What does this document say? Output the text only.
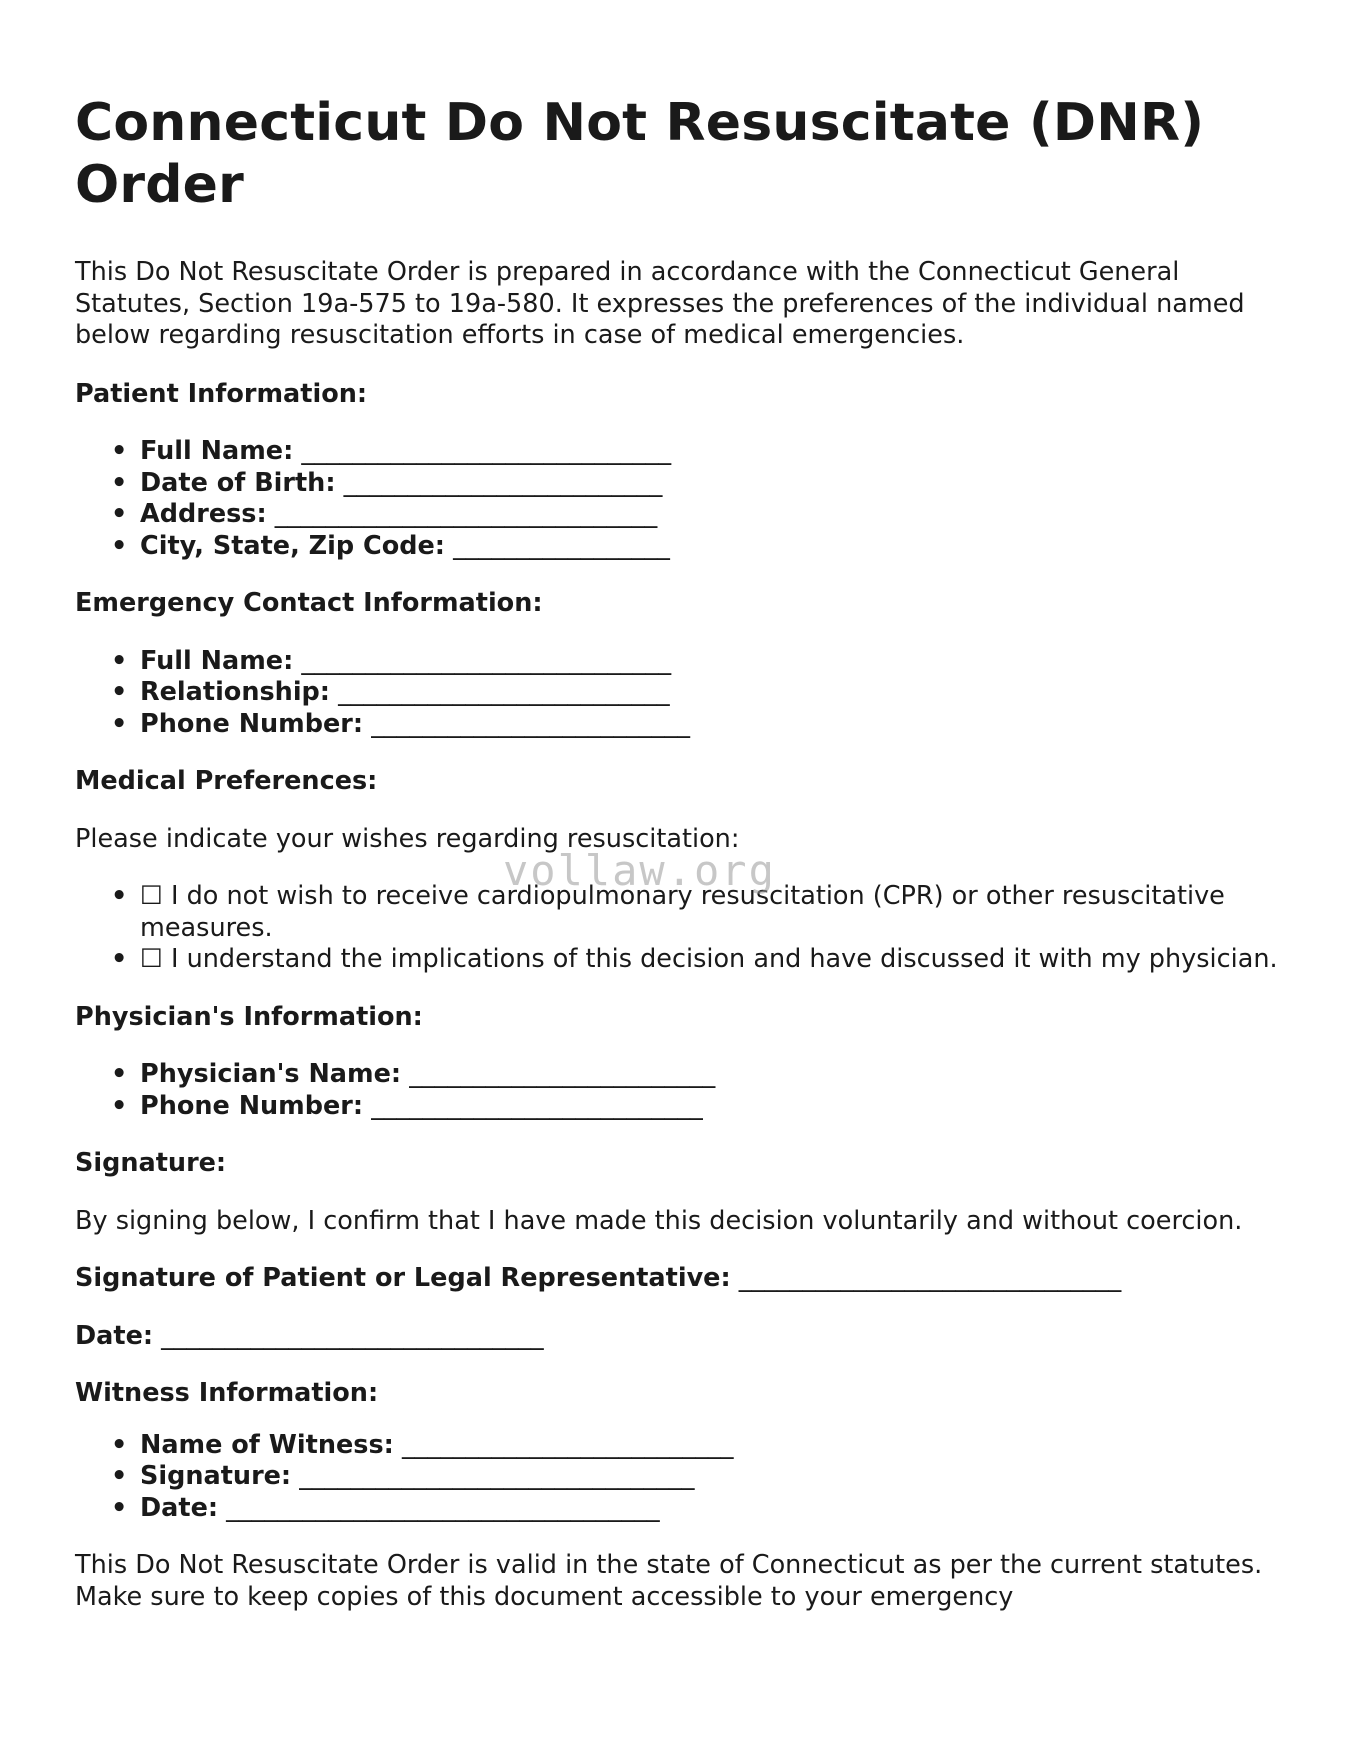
Connecticut Do Not Resuscitate (DNR) Order

This Do Not Resuscitate Order is prepared in accordance with the Connecticut General Statutes, Section 19a-575 to 19a-580. It expresses the preferences of the individual named below regarding resuscitation efforts in case of medical emergencies.

Patient Information:
• Full Name: _____________________________
• Date of Birth: _________________________
• Address: ______________________________
• City, State, Zip Code: _________________
Emergency Contact Information:
• Full Name: _____________________________
• Relationship: __________________________
• Phone Number: _________________________
Medical Preferences:

Please indicate your wishes regarding resuscitation:

• ☐ I do not wish to receive cardiopulmonary resuscitation (CPR) or other resuscitative measures.
• ☐ I understand the implications of this decision and have discussed it with my physician.
Physician's Information:
• Physician's Name: ________________________
• Phone Number: __________________________
Signature:

By signing below, I confirm that I have made this decision voluntarily and without coercion.

Signature of Patient or Legal Representative: ______________________________
Date: ______________________________
Witness Information:
• Name of Witness: __________________________
• Signature: _______________________________
• Date: __________________________________

This Do Not Resuscitate Order is valid in the state of Connecticut as per the current statutes. Make sure to keep copies of this document accessible to your emergency

vollaw.org
